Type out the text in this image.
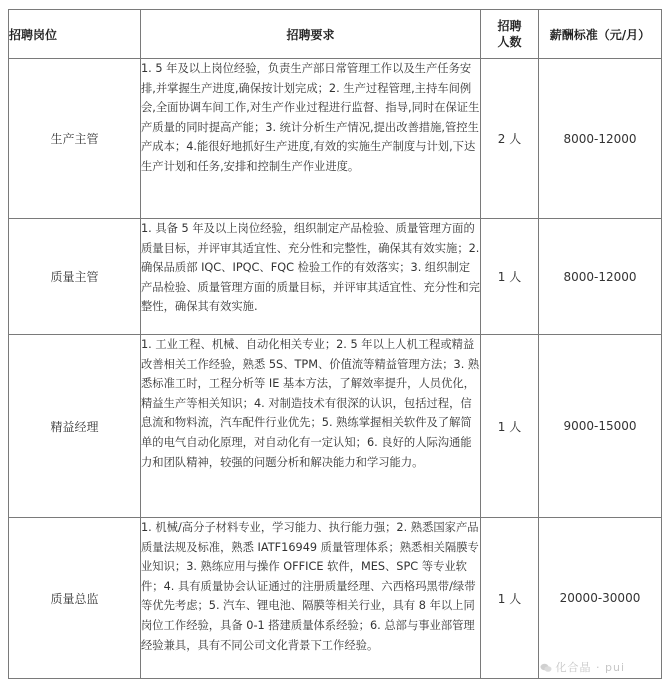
招聘岗位	招聘要求	招聘人数	薪酬标准（元/月）
生产主管	1. 5 年及以上岗位经验，负责生产部日常管理工作以及生产任务安排,并掌握生产进度,确保按计划完成；2. 生产过程管理,主持车间例会,全面协调车间工作,对生产作业过程进行监督、指导,同时在保证生产质量的同时提高产能；3. 统计分析生产情况,提出改善措施,管控生产成本；4.能很好地抓好生产进度,有效的实施生产制度与计划,下达生产计划和任务,安排和控制生产作业进度。	2 人	8000-12000
质量主管	1. 具备 5 年及以上岗位经验，组织制定产品检验、质量管理方面的质量目标，并评审其适宜性、充分性和完整性，确保其有效实施；2. 确保品质部 IQC、IPQC、FQC 检验工作的有效落实；3. 组织制定产品检验、质量管理方面的质量目标，并评审其适宜性、充分性和完整性，确保其有效实施.	1 人	8000-12000
精益经理	1. 工业工程、机械、自动化相关专业；2. 5 年以上人机工程或精益改善相关工作经验，熟悉 5S、TPM、价值流等精益管理方法；3. 熟悉标准工时，工程分析等 IE 基本方法，了解效率提升，人员优化，精益生产等相关知识；4. 对制造技术有很深的认识，包括过程，信息流和物料流，汽车配件行业优先；5. 熟练掌握相关软件及了解简单的电气自动化原理，对自动化有一定认知；6. 良好的人际沟通能力和团队精神，较强的问题分析和解决能力和学习能力。	1 人	9000-15000
质量总监	1. 机械/高分子材料专业，学习能力、执行能力强；2. 熟悉国家产品质量法规及标准，熟悉 IATF16949 质量管理体系；熟悉相关隔膜专业知识；3. 熟练应用与操作 OFFICE 软件，MES、SPC 等专业软件；4. 具有质量协会认证通过的注册质量经理、六西格玛黑带/绿带等优先考虑；5. 汽车、锂电池、隔膜等相关行业，具有 8 年以上同岗位工作经验，具备 0-1 搭建质量体系经验；6. 总部与事业部管理经验兼具，具有不同公司文化背景下工作经验。	1 人	20000-30000
化合晶 · pui
